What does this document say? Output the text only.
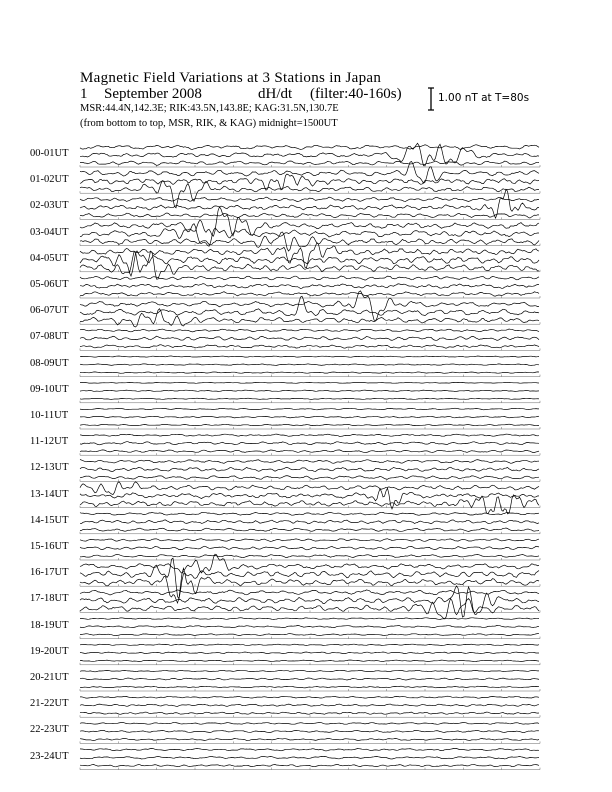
Magnetic Field Variations at 3 Stations in Japan
1 September 2008	dH/dt (filter:40-160s)
MSR:44.4N,142.3E; RIK:43.5N,143.8E; KAG:31.5N,130.7E
(from bottom to top, MSR, RIK, & KAG) midnight=1500UT
1.00 nT at T=80s
00-01UT
01-02UT
02-03UT
03-04UT
04-05UT
05-06UT
06-07UT
07-08UT
08-09UT
09-10UT
10-11UT
11-12UT
12-13UT
13-14UT
14-15UT
15-16UT
16-17UT
17-18UT
18-19UT
19-20UT
20-21UT
21-22UT
22-23UT
23-24UT
